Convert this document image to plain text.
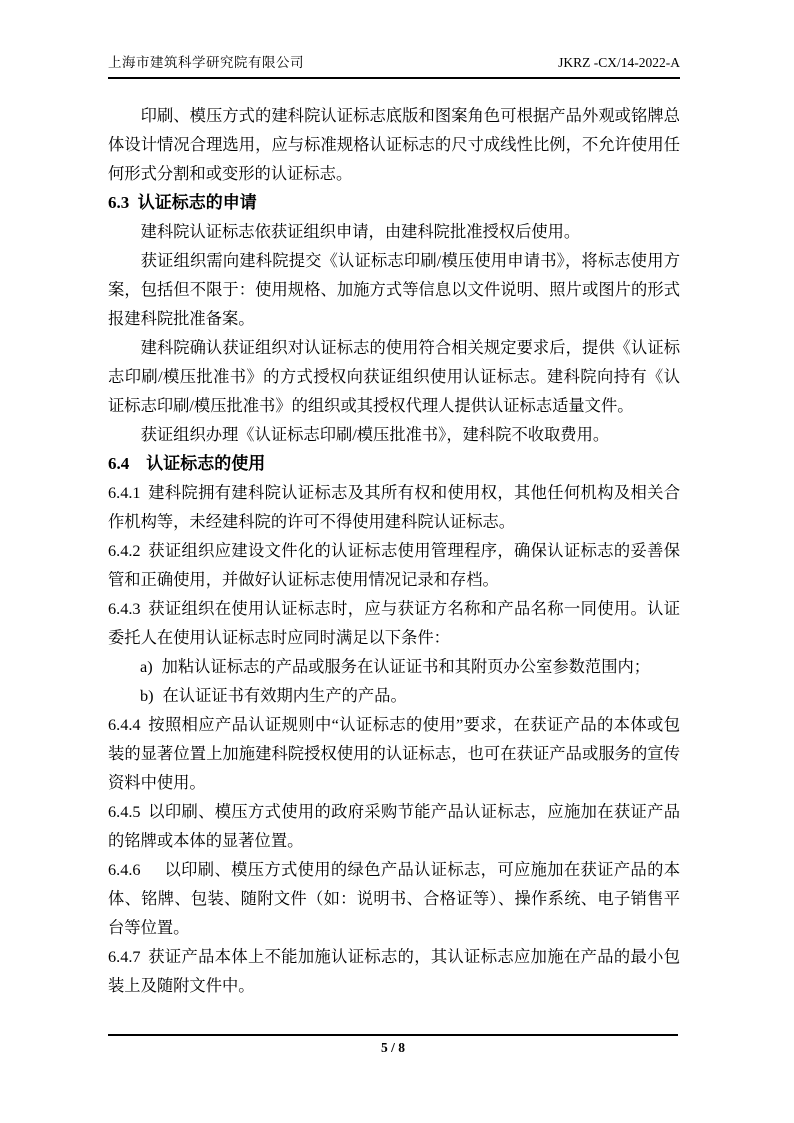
上海市建筑科学研究院有限公司	JKRZ -CX/14-2022-A

印刷、模压方式的建科院认证标志底版和图案角色可根据产品外观或铭牌总体设计情况合理选用，应与标准规格认证标志的尺寸成线性比例，不允许使用任何形式分割和或变形的认证标志。

6.3 认证标志的申请

建科院认证标志依获证组织申请，由建科院批准授权后使用。

获证组织需向建科院提交《认证标志印刷/模压使用申请书》，将标志使用方案，包括但不限于：使用规格、加施方式等信息以文件说明、照片或图片的形式报建科院批准备案。

建科院确认获证组织对认证标志的使用符合相关规定要求后，提供《认证标志印刷/模压批准书》的方式授权向获证组织使用认证标志。建科院向持有《认证标志印刷/模压批准书》的组织或其授权代理人提供认证标志适量文件。

获证组织办理《认证标志印刷/模压批准书》，建科院不收取费用。

6.4 认证标志的使用

6.4.1 建科院拥有建科院认证标志及其所有权和使用权，其他任何机构及相关合作机构等，未经建科院的许可不得使用建科院认证标志。

6.4.2 获证组织应建设文件化的认证标志使用管理程序，确保认证标志的妥善保管和正确使用，并做好认证标志使用情况记录和存档。

6.4.3 获证组织在使用认证标志时，应与获证方名称和产品名称一同使用。认证委托人在使用认证标志时应同时满足以下条件：

a) 加粘认证标志的产品或服务在认证证书和其附页办公室参数范围内；

b) 在认证证书有效期内生产的产品。

6.4.4 按照相应产品认证规则中“认证标志的使用”要求，在获证产品的本体或包装的显著位置上加施建科院授权使用的认证标志，也可在获证产品或服务的宣传资料中使用。

6.4.5 以印刷、模压方式使用的政府采购节能产品认证标志，应施加在获证产品的铭牌或本体的显著位置。

6.4.6 以印刷、模压方式使用的绿色产品认证标志，可应施加在获证产品的本体、铭牌、包装、随附文件（如：说明书、合格证等）、操作系统、电子销售平台等位置。

6.4.7 获证产品本体上不能加施认证标志的，其认证标志应加施在产品的最小包装上及随附文件中。

5 / 8
